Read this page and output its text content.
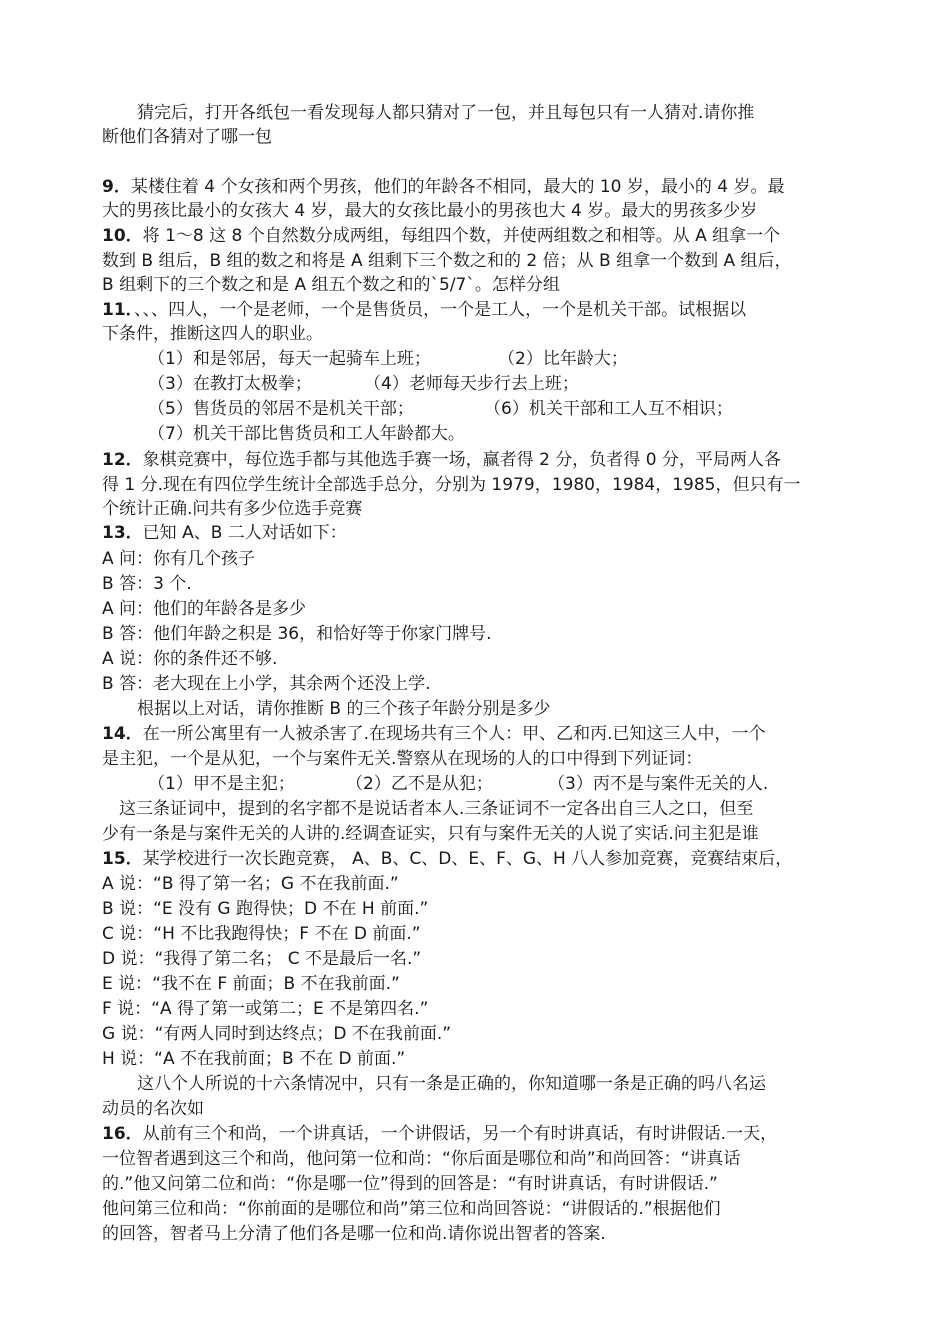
猜完后，打开各纸包一看发现每人都只猜对了一包，并且每包只有一人猜对.请你推
断他们各猜对了哪一包
9．某楼住着 4 个女孩和两个男孩，他们的年龄各不相同，最大的 10 岁，最小的 4 岁。最
大的男孩比最小的女孩大 4 岁，最大的女孩比最小的男孩也大 4 岁。最大的男孩多少岁
10．将 1～8 这 8 个自然数分成两组，每组四个数，并使两组数之和相等。从 A 组拿一个
数到 B 组后，B 组的数之和将是 A 组剩下三个数之和的 2 倍；从 B 组拿一个数到 A 组后，
B 组剩下的三个数之和是 A 组五个数之和的`5/7`。怎样分组
11．、、、四人，一个是老师，一个是售货员，一个是工人，一个是机关干部。试根据以
下条件，推断这四人的职业。
（1）和是邻居，每天一起骑车上班；	（2）比年龄大；
（3）在教打太极拳；	（4）老师每天步行去上班；
（5）售货员的邻居不是机关干部；	（6）机关干部和工人互不相识；
（7）机关干部比售货员和工人年龄都大。
12．象棋竞赛中，每位选手都与其他选手赛一场，赢者得 2 分，负者得 0 分，平局两人各
得 1 分.现在有四位学生统计全部选手总分，分别为 1979，1980，1984，1985，但只有一
个统计正确.问共有多少位选手竞赛
13．已知 A、B 二人对话如下：
A 问：你有几个孩子
B 答：3 个.
A 问：他们的年龄各是多少
B 答：他们年龄之积是 36，和恰好等于你家门牌号.
A 说：你的条件还不够.
B 答：老大现在上小学，其余两个还没上学.
根据以上对话，请你推断 B 的三个孩子年龄分别是多少
14．在一所公寓里有一人被杀害了.在现场共有三个人：甲、乙和丙.已知这三人中，一个
是主犯，一个是从犯，一个与案件无关.警察从在现场的人的口中得到下列证词：
（1）甲不是主犯；	（2）乙不是从犯；	（3）丙不是与案件无关的人.
这三条证词中，提到的名字都不是说话者本人.三条证词不一定各出自三人之口，但至
少有一条是与案件无关的人讲的.经调查证实，只有与案件无关的人说了实话.问主犯是谁
15．某学校进行一次长跑竞赛， A、B、C、D、E、F、G、H 八人参加竞赛，竞赛结束后，
A 说：“B 得了第一名；G 不在我前面.”
B 说：“E 没有 G 跑得快；D 不在 H 前面.”
C 说：“H 不比我跑得快；F 不在 D 前面.”
D 说：“我得了第二名； C 不是最后一名.”
E 说：“我不在 F 前面；B 不在我前面.”
F 说：“A 得了第一或第二；E 不是第四名.”
G 说：“有两人同时到达终点；D 不在我前面.”
H 说：“A 不在我前面；B 不在 D 前面.”
这八个人所说的十六条情况中，只有一条是正确的，你知道哪一条是正确的吗八名运
动员的名次如
16．从前有三个和尚，一个讲真话，一个讲假话，另一个有时讲真话，有时讲假话.一天，
一位智者遇到这三个和尚，他问第一位和尚：“你后面是哪位和尚”和尚回答：“讲真话
的.”他又问第二位和尚：“你是哪一位”得到的回答是：“有时讲真话，有时讲假话.”
他问第三位和尚：“你前面的是哪位和尚”第三位和尚回答说：“讲假话的.”根据他们
的回答，智者马上分清了他们各是哪一位和尚.请你说出智者的答案.
